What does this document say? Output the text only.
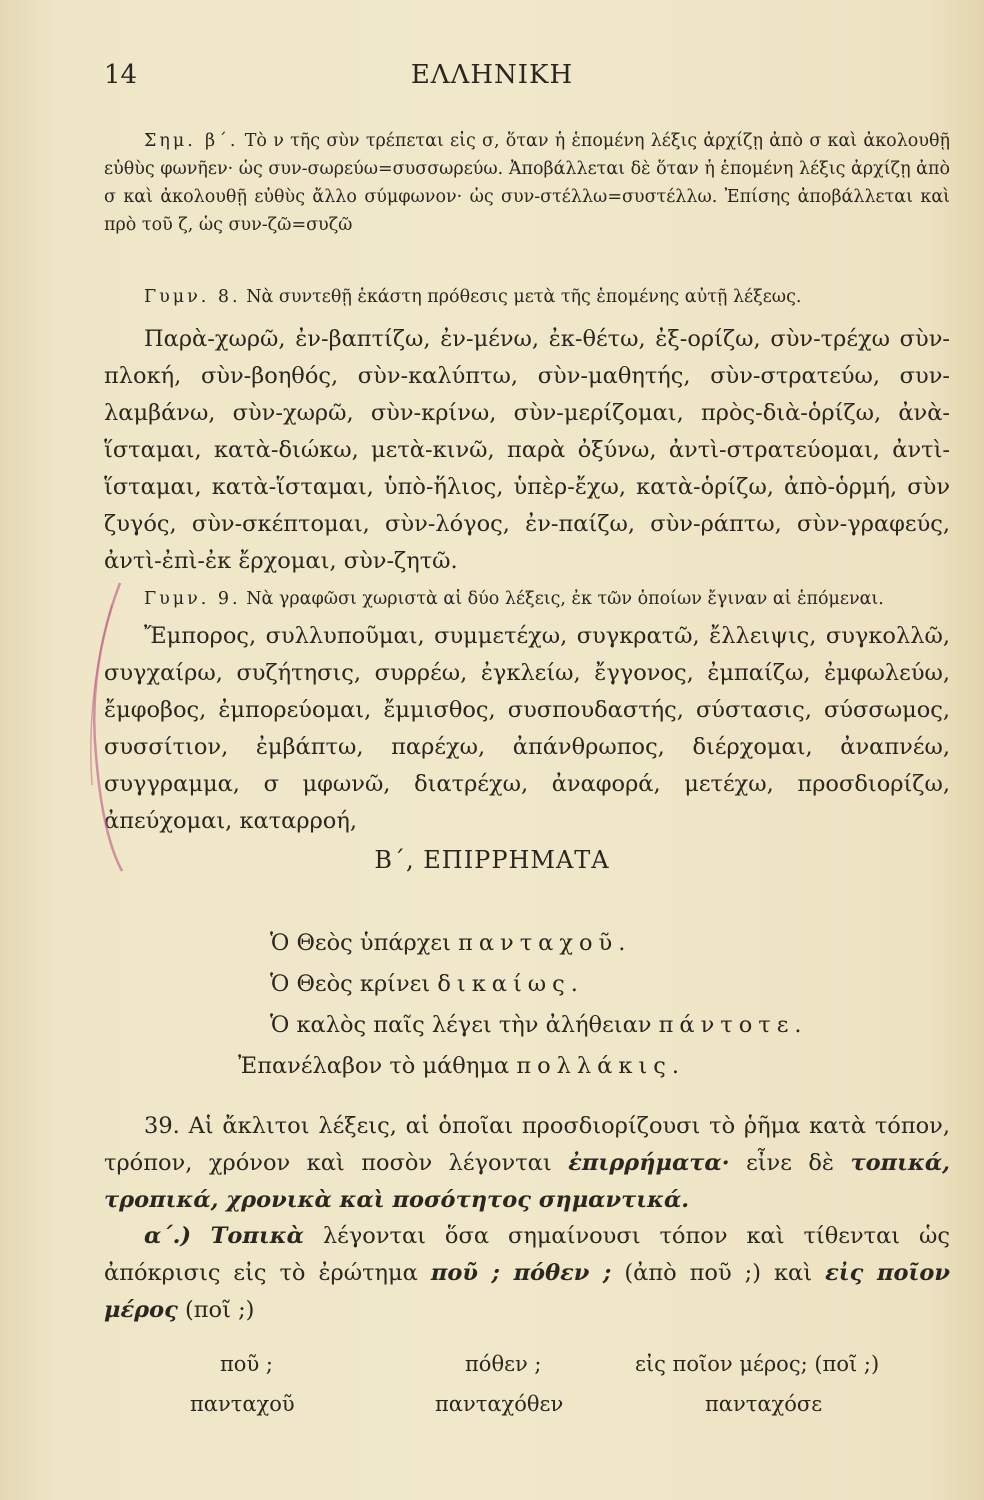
14	ΕΛΛΗΝΙΚΗ

Σημ. β΄. Τὸ ν τῆς σὺν τρέπεται εἰς σ, ὅταν ἡ ἑπομένη λέξις ἀρχίζῃ ἀπὸ σ καὶ ἀκολουθῇ εὐθὺς φωνῆεν· ὡς συν-σωρεύω=συσσωρεύω. Ἀποβάλλεται δὲ ὅταν ἡ ἑπομένη λέξις ἀρχίζῃ ἀπὸ σ καὶ ἀκολουθῇ εὐθὺς ἄλλο σύμφωνον· ὡς συν-στέλλω=συστέλλω. Ἐπίσης ἀποβάλλεται καὶ πρὸ τοῦ ζ, ὡς συν-ζῶ=συζῶ

Γυμν. 8. Νὰ συντεθῇ ἑκάστη πρόθεσις μετὰ τῆς ἑπομένης αὐτῇ λέξεως.

Παρὰ-χωρῶ, ἐν-βαπτίζω, ἐν-μένω, ἐκ-θέτω, ἐξ-ορίζω, σὺν-τρέχω σὺν-πλοκή, σὺν-βοηθός, σὺν-καλύπτω, σὺν-μαθητής, σὺν-στρατεύω, συν-λαμβάνω, σὺν-χωρῶ, σὺν-κρίνω, σὺν-μερίζομαι, πρὸς-διὰ-ὁρίζω, ἀνὰ-ἵσταμαι, κατὰ-διώκω, μετὰ-κινῶ, παρὰ ὀξύνω, ἀντὶ-στρατεύομαι, ἀντὶ-ἵσταμαι, κατὰ-ἵσταμαι, ὑπὸ-ἥλιος, ὑπὲρ-ἔχω, κατὰ-ὁρίζω, ἀπὸ-ὁρμή, σὺν ζυγός, σὺν-σκέπτομαι, σὺν-λόγος, ἐν-παίζω, σὺν-ράπτω, σὺν-γραφεύς, ἀντὶ-ἐπὶ-ἐκ ἔρχομαι, σὺν-ζητῶ.

Γυμν. 9. Νὰ γραφῶσι χωριστὰ αἱ δύο λέξεις, ἐκ τῶν ὁποίων ἔγιναν αἱ ἑπόμεναι.

Ἔμπορος, συλλυποῦμαι, συμμετέχω, συγκρατῶ, ἔλλειψις, συγκολλῶ, συγχαίρω, συζήτησις, συρρέω, ἐγκλείω, ἔγγονος, ἐμπαίζω, ἐμφωλεύω, ἔμφοβος, ἐμπορεύομαι, ἔμμισθος, συσπουδαστής, σύστασις, σύσσωμος, συσσίτιον, ἐμβάπτω, παρέχω, ἀπάνθρωπος, διέρχομαι, ἀναπνέω, συγγραμμα, σ μφωνῶ, διατρέχω, ἀναφορά, μετέχω, προσδιορίζω, ἀπεύχομαι, καταρροή,

Β΄, ΕΠΙΡΡΗΜΑΤΑ

Ὁ Θεὸς ὑπάρχει πανταχοῦ.

Ὁ Θεὸς κρίνει δικαίως.

Ὁ καλὸς παῖς λέγει τὴν ἀλήθειαν πάντοτε.

Ἐπανέλαβον τὸ μάθημα πολλάκις.

39. Αἱ ἄκλιτοι λέξεις, αἱ ὁποῖαι προσδιορίζουσι τὸ ῥῆμα κατὰ τόπον, τρόπον, χρόνον καὶ ποσὸν λέγονται ἐπιρρήματα· εἶνε δὲ τοπικά, τροπικά, χρονικὰ καὶ ποσότητος σημαντικά.

α΄.) Τοπικὰ λέγονται ὅσα σημαίνουσι τόπον καὶ τίθενται ὡς ἀπόκρισις εἰς τὸ ἐρώτημα ποῦ ; πόθεν ; (ἀπὸ ποῦ ;) καὶ εἰς ποῖον μέρος (ποῖ ;)

ποῦ ;	πόθεν ;	εἰς ποῖον μέρος; (ποῖ ;)
πανταχοῦ	πανταχόθεν	πανταχόσε
